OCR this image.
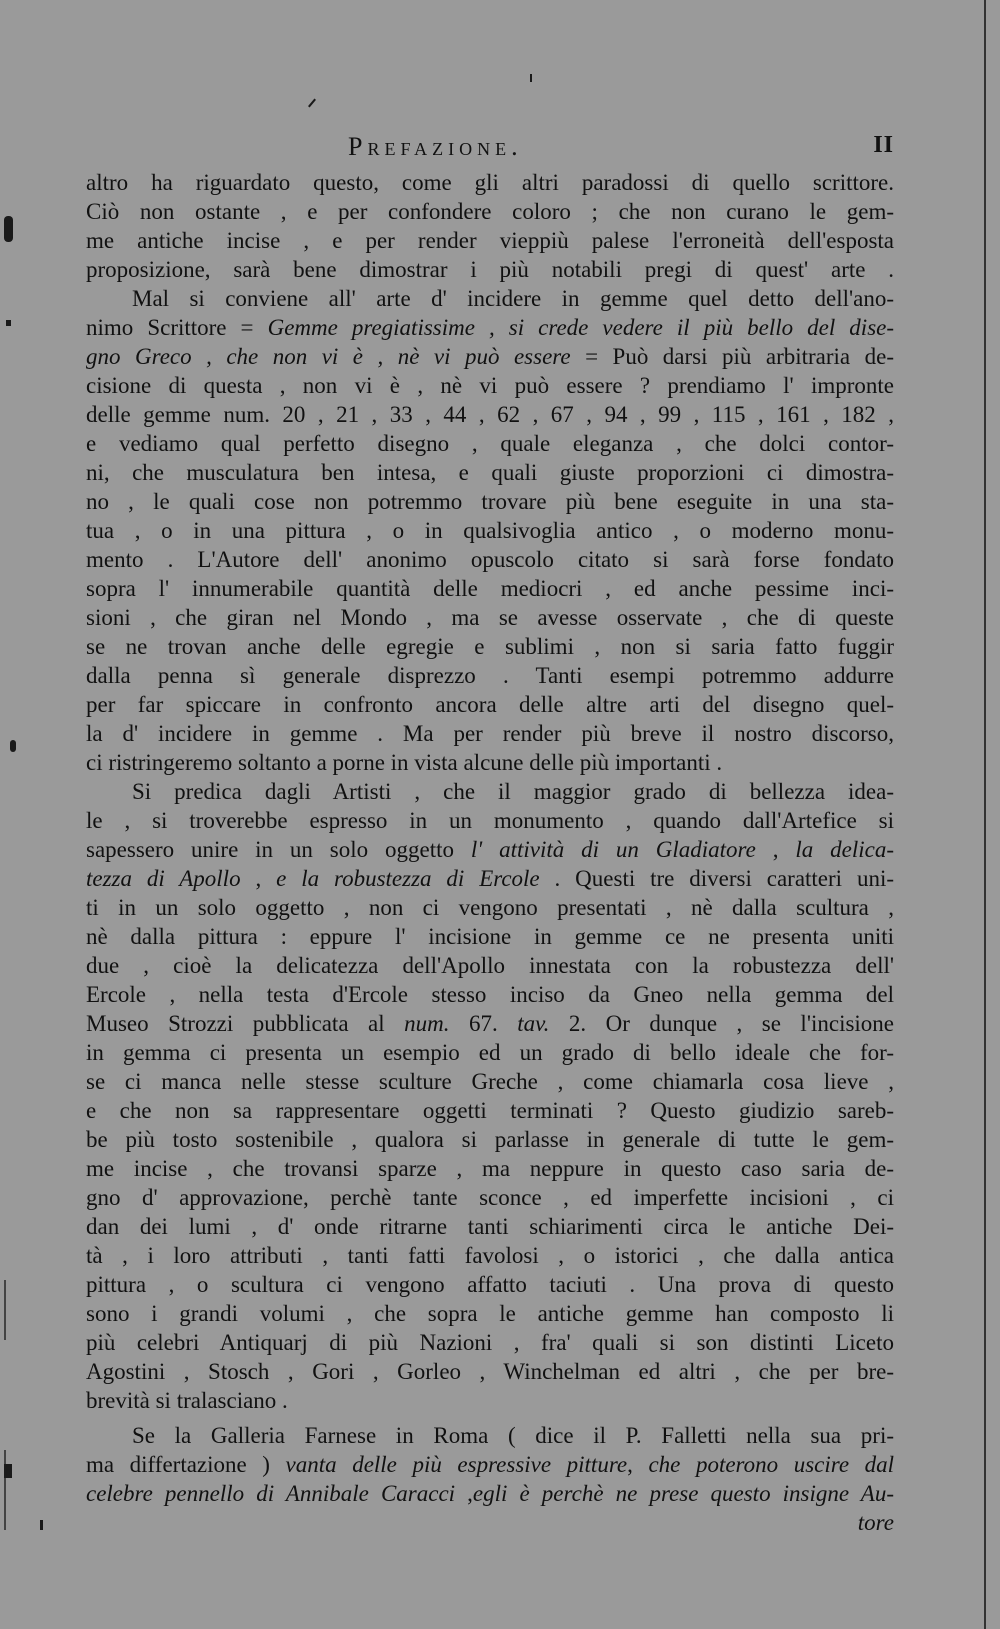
Prefazione.	II
altro ha riguardato questo, come gli altri paradossi di quello scrittore.
Ciò non ostante , e per confondere coloro ; che non curano le gem-
me antiche incise , e per render vieppiù palese l'erroneità dell'esposta
proposizione, sarà bene dimostrar i più notabili pregi di quest' arte .
Mal si conviene all' arte d' incidere in gemme quel detto dell'ano-
nimo Scrittore = Gemme pregiatissime , si crede vedere il più bello del dise-
gno Greco , che non vi è , nè vi può essere = Può darsi più arbitraria de-
cisione di questa , non vi è , nè vi può essere ? prendiamo l' impronte
delle gemme num. 20 , 21 , 33 , 44 , 62 , 67 , 94 , 99 , 115 , 161 , 182 ,
e vediamo qual perfetto disegno , quale eleganza , che dolci contor-
ni, che musculatura ben intesa, e quali giuste proporzioni ci dimostra-
no , le quali cose non potremmo trovare più bene eseguite in una sta-
tua , o in una pittura , o in qualsivoglia antico , o moderno monu-
mento . L'Autore dell' anonimo opuscolo citato si sarà forse fondato
sopra l' innumerabile quantità delle mediocri , ed anche pessime inci-
sioni , che giran nel Mondo , ma se avesse osservate , che di queste
se ne trovan anche delle egregie e sublimi , non si saria fatto fuggir
dalla penna sì generale disprezzo . Tanti esempi potremmo addurre
per far spiccare in confronto ancora delle altre arti del disegno quel-
la d' incidere in gemme . Ma per render più breve il nostro discorso,
ci ristringeremo soltanto a porne in vista alcune delle più importanti .
Si predica dagli Artisti , che il maggior grado di bellezza idea-
le , si troverebbe espresso in un monumento , quando dall'Artefice si
sapessero unire in un solo oggetto l' attività di un Gladiatore , la delica-
tezza di Apollo , e la robustezza di Ercole . Questi tre diversi caratteri uni-
ti in un solo oggetto , non ci vengono presentati , nè dalla scultura ,
nè dalla pittura : eppure l' incisione in gemme ce ne presenta uniti
due , cioè la delicatezza dell'Apollo innestata con la robustezza dell'
Ercole , nella testa d'Ercole stesso inciso da Gneo nella gemma del
Museo Strozzi pubblicata al num. 67. tav. 2. Or dunque , se l'incisione
in gemma ci presenta un esempio ed un grado di bello ideale che for-
se ci manca nelle stesse sculture Greche , come chiamarla cosa lieve ,
e che non sa rappresentare oggetti terminati ? Questo giudizio sareb-
be più tosto sostenibile , qualora si parlasse in generale di tutte le gem-
me incise , che trovansi sparze , ma neppure in questo caso saria de-
gno d' approvazione, perchè tante sconce , ed imperfette incisioni , ci
dan dei lumi , d' onde ritrarne tanti schiarimenti circa le antiche Dei-
tà , i loro attributi , tanti fatti favolosi , o istorici , che dalla antica
pittura , o scultura ci vengono affatto taciuti . Una prova di questo
sono i grandi volumi , che sopra le antiche gemme han composto li
più celebri Antiquarj di più Nazioni , fra' quali si son distinti Liceto
Agostini , Stosch , Gori , Gorleo , Winchelman ed altri , che per bre-
brevità si tralasciano .
Se la Galleria Farnese in Roma ( dice il P. Falletti nella sua pri-
ma differtazione ) vanta delle più espressive pitture, che poterono uscire dal
celebre pennello di Annibale Caracci ,egli è perchè ne prese questo insigne Au-
tore
